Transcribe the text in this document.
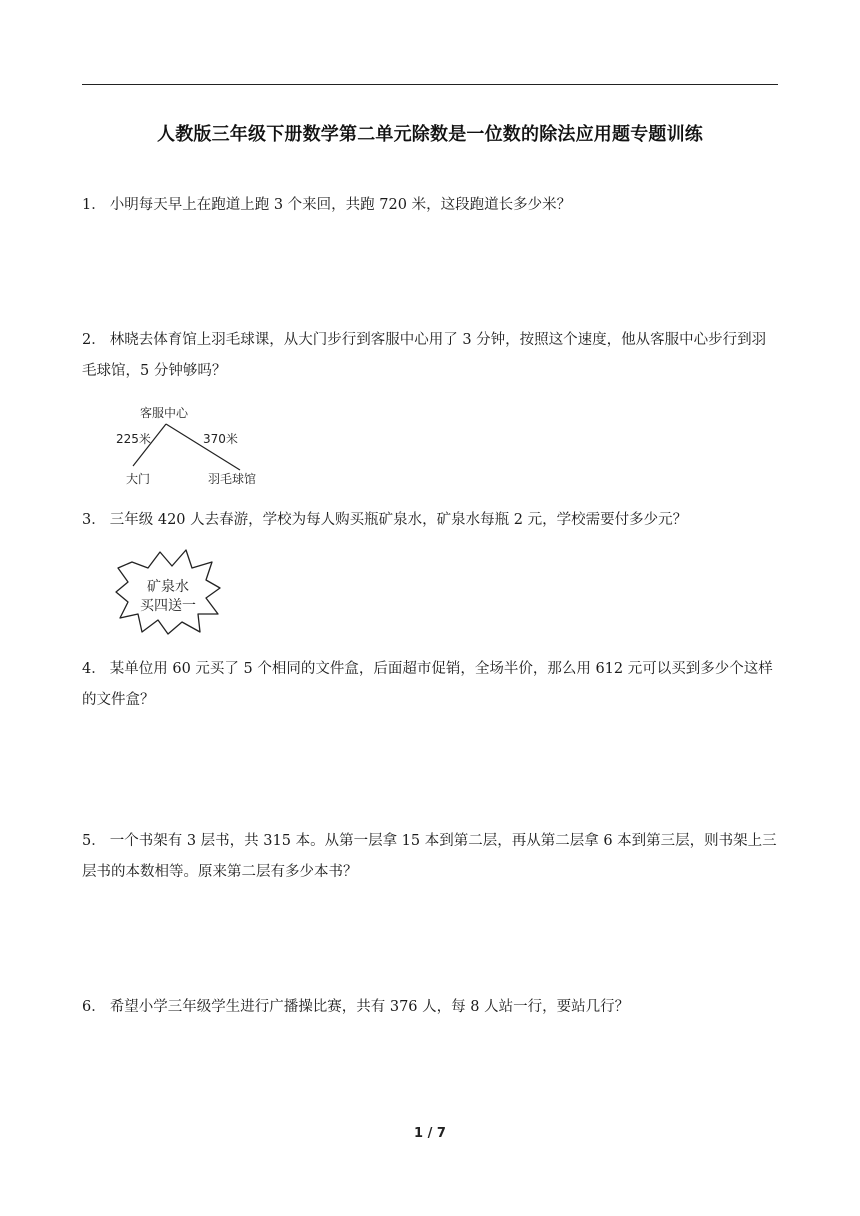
人教版三年级下册数学第二单元除数是一位数的除法应用题专题训练
1． 小明每天早上在跑道上跑 3 个来回，共跑 720 米，这段跑道长多少米？
2． 林晓去体育馆上羽毛球课，从大门步行到客服中心用了 3 分钟，按照这个速度，他从客服中心步行到羽毛球馆，5 分钟够吗？
客服中心
225米	370米
大门	羽毛球馆
3． 三年级 420 人去春游，学校为每人购买瓶矿泉水，矿泉水每瓶 2 元，学校需要付多少元？
矿泉水
买四送一
4． 某单位用 60 元买了 5 个相同的文件盒，后面超市促销，全场半价，那么用 612 元可以买到多少个这样的文件盒？
5． 一个书架有 3 层书，共 315 本。从第一层拿 15 本到第二层，再从第二层拿 6 本到第三层，则书架上三层书的本数相等。原来第二层有多少本书？
6． 希望小学三年级学生进行广播操比赛，共有 376 人，每 8 人站一行，要站几行？
1 / 7
